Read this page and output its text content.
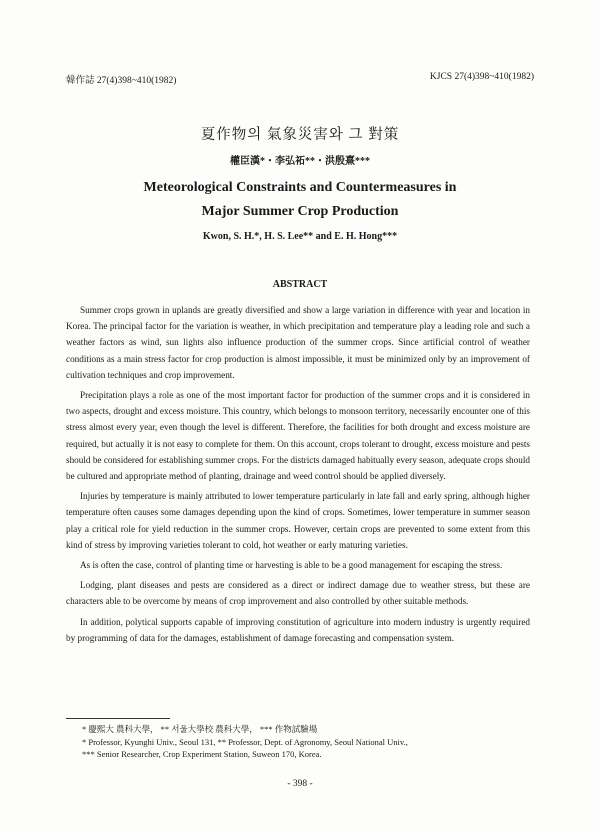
韓作誌 27(4)398~410(1982)	KJCS 27(4)398~410(1982)
夏作物의 氣象災害와 그 對策
權臣漢*・李弘祏**・洪殷熹***
Meteorological Constraints and Countermeasures in
Major Summer Crop Production
Kwon, S. H.*, H. S. Lee** and E. H. Hong***
ABSTRACT

Summer crops grown in uplands are greatly diversified and show a large variation in difference with year and location in Korea. The principal factor for the variation is weather, in which precipitation and temperature play a leading role and such a weather factors as wind, sun lights also influence production of the summer crops. Since artificial control of weather conditions as a main stress factor for crop production is almost impossible, it must be minimized only by an improvement of cultivation techniques and crop improvement.

Precipitation plays a role as one of the most important factor for production of the summer crops and it is considered in two aspects, drought and excess moisture. This country, which belongs to monsoon territory, necessarily encounter one of this stress almost every year, even though the level is different. Therefore, the facilities for both drought and excess moisture are required, but actually it is not easy to complete for them. On this account, crops tolerant to drought, excess moisture and pests should be considered for establishing summer crops. For the districts damaged habitually every season, adequate crops should be cultured and appropriate method of planting, drainage and weed control should be applied diversely.

Injuries by temperature is mainly attributed to lower temperature particularly in late fall and early spring, although higher temperature often causes some damages depending upon the kind of crops. Sometimes, lower temperature in summer season play a critical role for yield reduction in the summer crops. However, certain crops are prevented to some extent from this kind of stress by improving varieties tolerant to cold, hot weather or early maturing varieties.

As is often the case, control of planting time or harvesting is able to be a good management for escaping the stress.

Lodging, plant diseases and pests are considered as a direct or indirect damage due to weather stress, but these are characters able to be overcome by means of crop improvement and also controlled by other suitable methods.

In addition, polytical supports capable of improving constitution of agriculture into modern industry is urgently required by programming of data for the damages, establishment of damage forecasting and compensation system.

* 慶熙大 農科大學， ** 서울大學校 農科大學， *** 作物試驗場
* Professor, Kyunghi Univ., Seoul 131, ** Professor, Dept. of Agronomy, Seoul National Univ.,
*** Senior Researcher, Crop Experiment Station, Suweon 170, Korea.
- 398 -
